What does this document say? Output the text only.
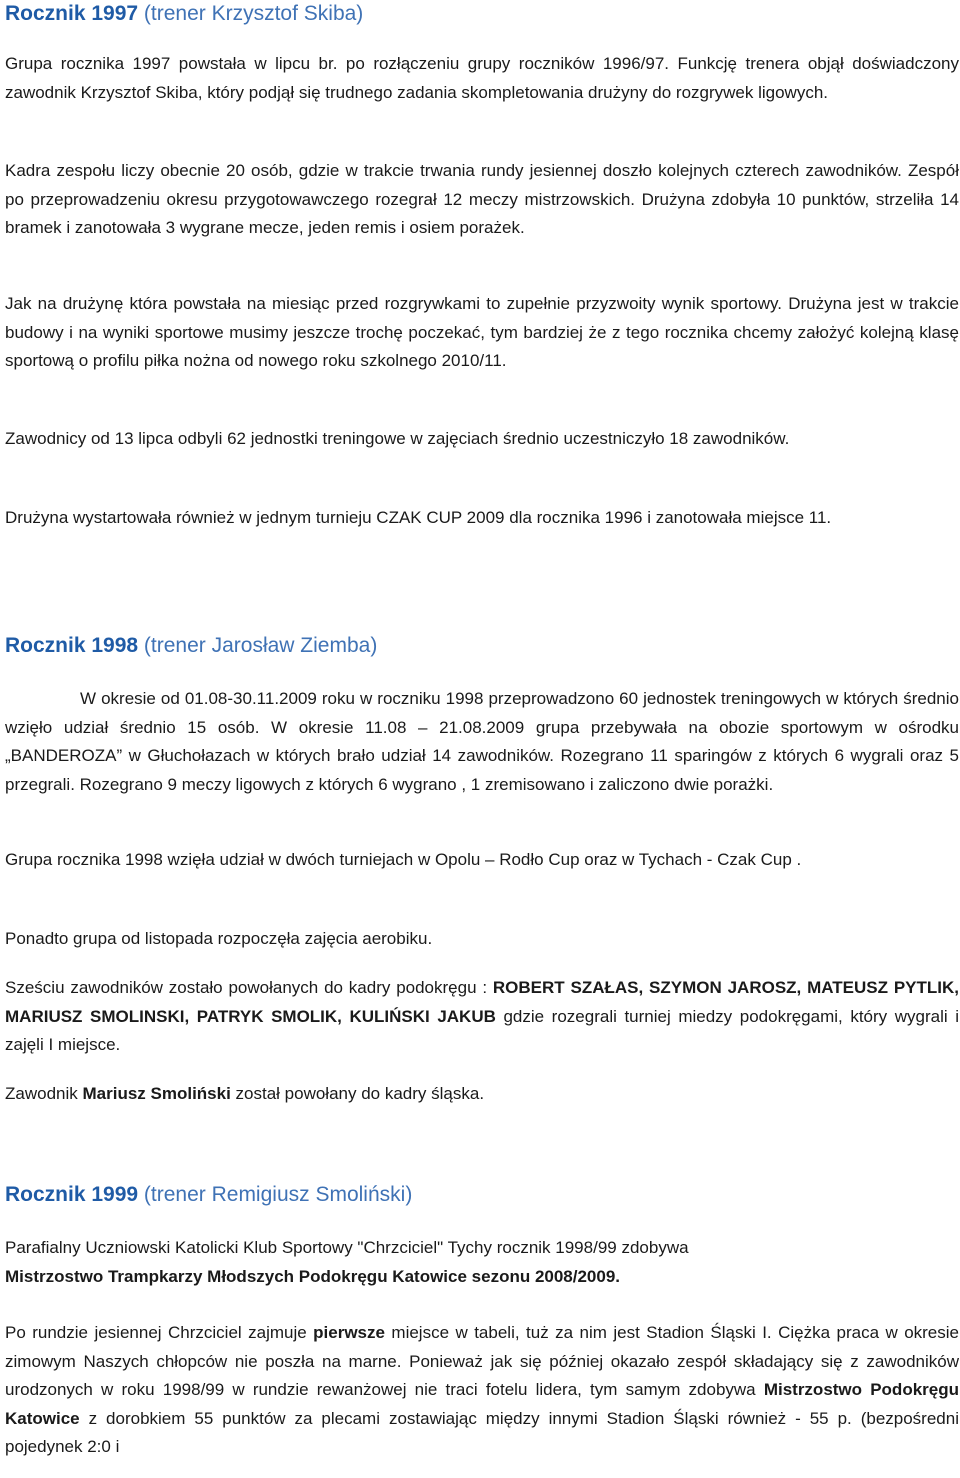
Rocznik 1997 (trener Krzysztof Skiba)

Grupa rocznika 1997 powstała w lipcu br. po rozłączeniu grupy roczników 1996/97. Funkcję trenera objął doświadczony zawodnik Krzysztof Skiba, który podjął się trudnego zadania skompletowania drużyny do rozgrywek ligowych.

Kadra zespołu liczy obecnie 20 osób, gdzie w trakcie trwania rundy jesiennej doszło kolejnych czterech zawodników. Zespół po przeprowadzeniu okresu przygotowawczego rozegrał 12 meczy mistrzowskich. Drużyna zdobyła 10 punktów, strzeliła 14 bramek i zanotowała 3 wygrane mecze, jeden remis i osiem porażek.

Jak na drużynę która powstała na miesiąc przed rozgrywkami to zupełnie przyzwoity wynik sportowy. Drużyna jest w trakcie budowy i na wyniki sportowe musimy jeszcze trochę poczekać, tym bardziej że z tego rocznika chcemy założyć kolejną klasę sportową o profilu piłka nożna od nowego roku szkolnego 2010/11.

Zawodnicy od 13 lipca odbyli 62 jednostki treningowe w zajęciach średnio uczestniczyło 18 zawodników.

Drużyna wystartowała również w jednym turnieju CZAK CUP 2009 dla rocznika 1996 i zanotowała miejsce 11.

Rocznik 1998 (trener Jarosław Ziemba)

W okresie od 01.08-30.11.2009 roku w roczniku 1998 przeprowadzono 60 jednostek treningowych w których średnio wzięło udział średnio 15 osób. W okresie 11.08 – 21.08.2009 grupa przebywała na obozie sportowym w ośrodku „BANDEROZA” w Głuchołazach w których brało udział 14 zawodników. Rozegrano 11 sparingów z których 6 wygrali oraz 5 przegrali. Rozegrano 9 meczy ligowych z których 6 wygrano , 1 zremisowano i zaliczono dwie porażki.

Grupa rocznika 1998 wzięła udział w dwóch turniejach w Opolu – Rodło Cup oraz w Tychach - Czak Cup .

Ponadto grupa od listopada rozpoczęła zajęcia aerobiku.

Sześciu zawodników zostało powołanych do kadry podokręgu : ROBERT SZAŁAS, SZYMON JAROSZ, MATEUSZ PYTLIK, MARIUSZ SMOLINSKI, PATRYK SMOLIK, KULIŃSKI JAKUB gdzie rozegrali turniej miedzy podokręgami, który wygrali i zajęli I miejsce.

Zawodnik Mariusz Smoliński został powołany do kadry śląska.

Rocznik 1999 (trener Remigiusz Smoliński)

Parafialny Uczniowski Katolicki Klub Sportowy "Chrzciciel" Tychy rocznik 1998/99 zdobywa
Mistrzostwo Trampkarzy Młodszych Podokręgu Katowice sezonu 2008/2009.

Po rundzie jesiennej Chrzciciel zajmuje pierwsze miejsce w tabeli, tuż za nim jest Stadion Śląski I. Ciężka praca w okresie zimowym Naszych chłopców nie poszła na marne. Ponieważ jak się później okazało zespół składający się z zawodników urodzonych w roku 1998/99 w rundzie rewanżowej nie traci fotelu lidera, tym samym zdobywa Mistrzostwo Podokręgu Katowice z dorobkiem 55 punktów za plecami zostawiając między innymi Stadion Śląski również - 55 p. (bezpośredni pojedynek 2:0 i
